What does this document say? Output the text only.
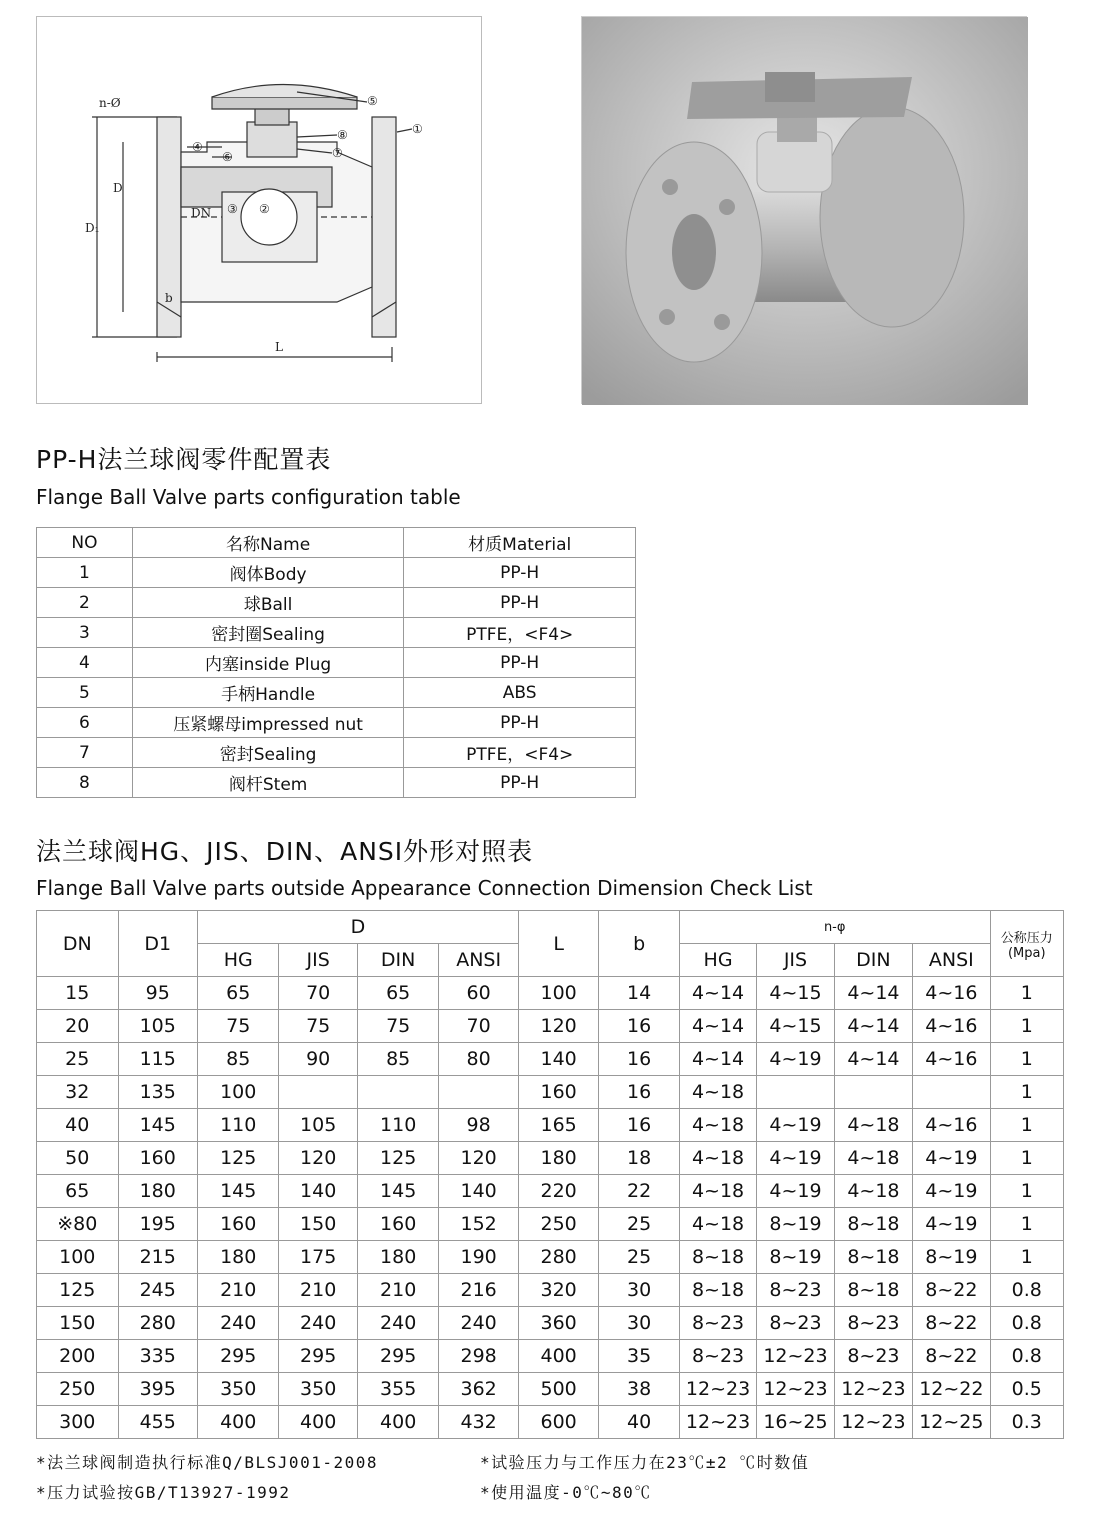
n-Ø
D₁
D
DN
b
L
⑤
①
⑧
⑦
④
⑥
③ ②
PP-H法兰球阀零件配置表
Flange Ball Valve parts configuration table
NO	名称Name	材质Material
1	阀体Body	PP-H
2	球Ball	PP-H
3	密封圈Sealing	PTFE，<F4>
4	内塞inside Plug	PP-H
5	手柄Handle	ABS
6	压紧螺母impressed nut	PP-H
7	密封Sealing	PTFE，<F4>
8	阀杆Stem	PP-H
法兰球阀HG、JIS、DIN、ANSI外形对照表
Flange Ball Valve parts outside Appearance Connection Dimension Check List
DN	D1	D				L	b	n-φ				公称压力
(Mpa)

		HG	JIS	DIN	ANSI			HG	JIS	DIN	ANSI	
15	95	65	70	65	60	100	14	4~14	4~15	4~14	4~16	1
20	105	75	75	75	70	120	16	4~14	4~15	4~14	4~16	1
25	115	85	90	85	80	140	16	4~14	4~19	4~14	4~16	1
32	135	100				160	16	4~18				1
40	145	110	105	110	98	165	16	4~18	4~19	4~18	4~16	1
50	160	125	120	125	120	180	18	4~18	4~19	4~18	4~19	1
65	180	145	140	145	140	220	22	4~18	4~19	4~18	4~19	1
※80	195	160	150	160	152	250	25	4~18	8~19	8~18	4~19	1
100	215	180	175	180	190	280	25	8~18	8~19	8~18	8~19	1
125	245	210	210	210	216	320	30	8~18	8~23	8~18	8~22	0.8
150	280	240	240	240	240	360	30	8~23	8~23	8~23	8~22	0.8
200	335	295	295	295	298	400	35	8~23	12~23	8~23	8~22	0.8
250	395	350	350	355	362	500	38	12~23	12~23	12~23	12~22	0.5
300	455	400	400	400	432	600	40	12~23	16~25	12~23	12~25	0.3
*法兰球阀制造执行标准Q/BLSJ001-2008	*试验压力与工作压力在23℃±2 ℃时数值
*压力试验按GB/T13927-1992	*使用温度-0℃~80℃
